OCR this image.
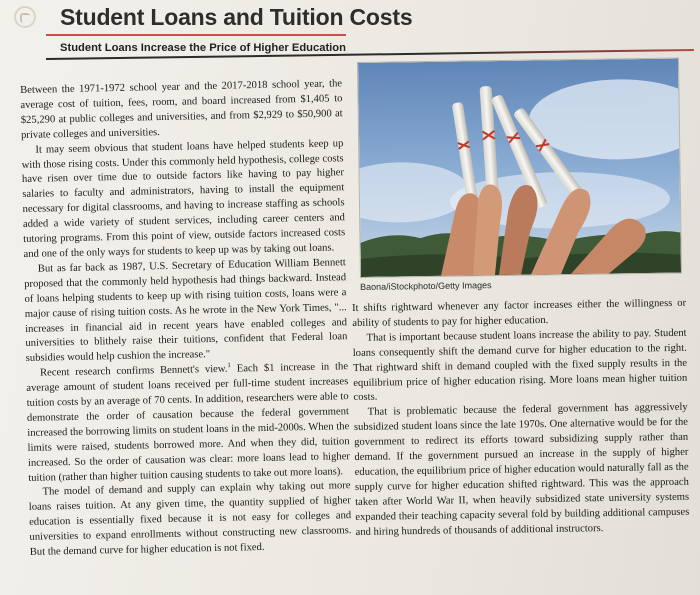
Student Loans and Tuition Costs
Student Loans Increase the Price of Higher Education

Between the 1971-1972 school year and the 2017-2018 school year, the average cost of tuition, fees, room, and board increased from $1,405 to $25,290 at public colleges and universities, and from $2,929 to $50,900 at private colleges and universities.

It may seem obvious that student loans have helped students keep up with those rising costs. Under this commonly held hypothesis, college costs have risen over time due to outside factors like having to pay higher salaries to faculty and administrators, having to install the equipment necessary for digital classrooms, and having to increase staffing as schools added a wide variety of student services, including career centers and tutoring programs. From this point of view, outside factors increased costs and one of the only ways for students to keep up was by taking out loans.

But as far back as 1987, U.S. Secretary of Education William Bennett proposed that the commonly held hypothesis had things backward. Instead of loans helping students to keep up with rising tuition costs, loans were a major cause of rising tuition costs. As he wrote in the New York Times, "... increases in financial aid in recent years have enabled colleges and universities to blithely raise their tuitions, confident that Federal loan subsidies would help cushion the increase."

Recent research confirms Bennett's view.$^1$ Each $1 increase in the average amount of student loans received per full-time student increases tuition costs by an average of 70 cents. In addition, researchers were able to demonstrate the order of causation because the federal government increased the borrowing limits on student loans in the mid-2000s. When the limits were raised, students borrowed more. And when they did, tuition increased. So the order of causation was clear: more loans lead to higher tuition (rather than higher tuition causing students to take out more loans).

The model of demand and supply can explain why taking out more loans raises tuition. At any given time, the quantity supplied of higher education is essentially fixed because it is not easy for colleges and universities to expand enrollments without constructing new classrooms. But the demand curve for higher education is not fixed.

Baona/iStockphoto/Getty Images

It shifts rightward whenever any factor increases either the willingness or ability of students to pay for higher education.

That is important because student loans increase the ability to pay. Student loans consequently shift the demand curve for higher education to the right. That rightward shift in demand coupled with the fixed supply results in the equilibrium price of higher education rising. More loans mean higher tuition costs.

That is problematic because the federal government has aggressively subsidized student loans since the late 1970s. One alternative would be for the government to redirect its efforts toward subsidizing supply rather than demand. If the government pursued an increase in the supply of higher education, the equilibrium price of higher education would naturally fall as the supply curve for higher education shifted rightward. This was the approach taken after World War II, when heavily subsidized state university systems expanded their teaching capacity several fold by building additional campuses and hiring hundreds of thousands of additional instructors.
